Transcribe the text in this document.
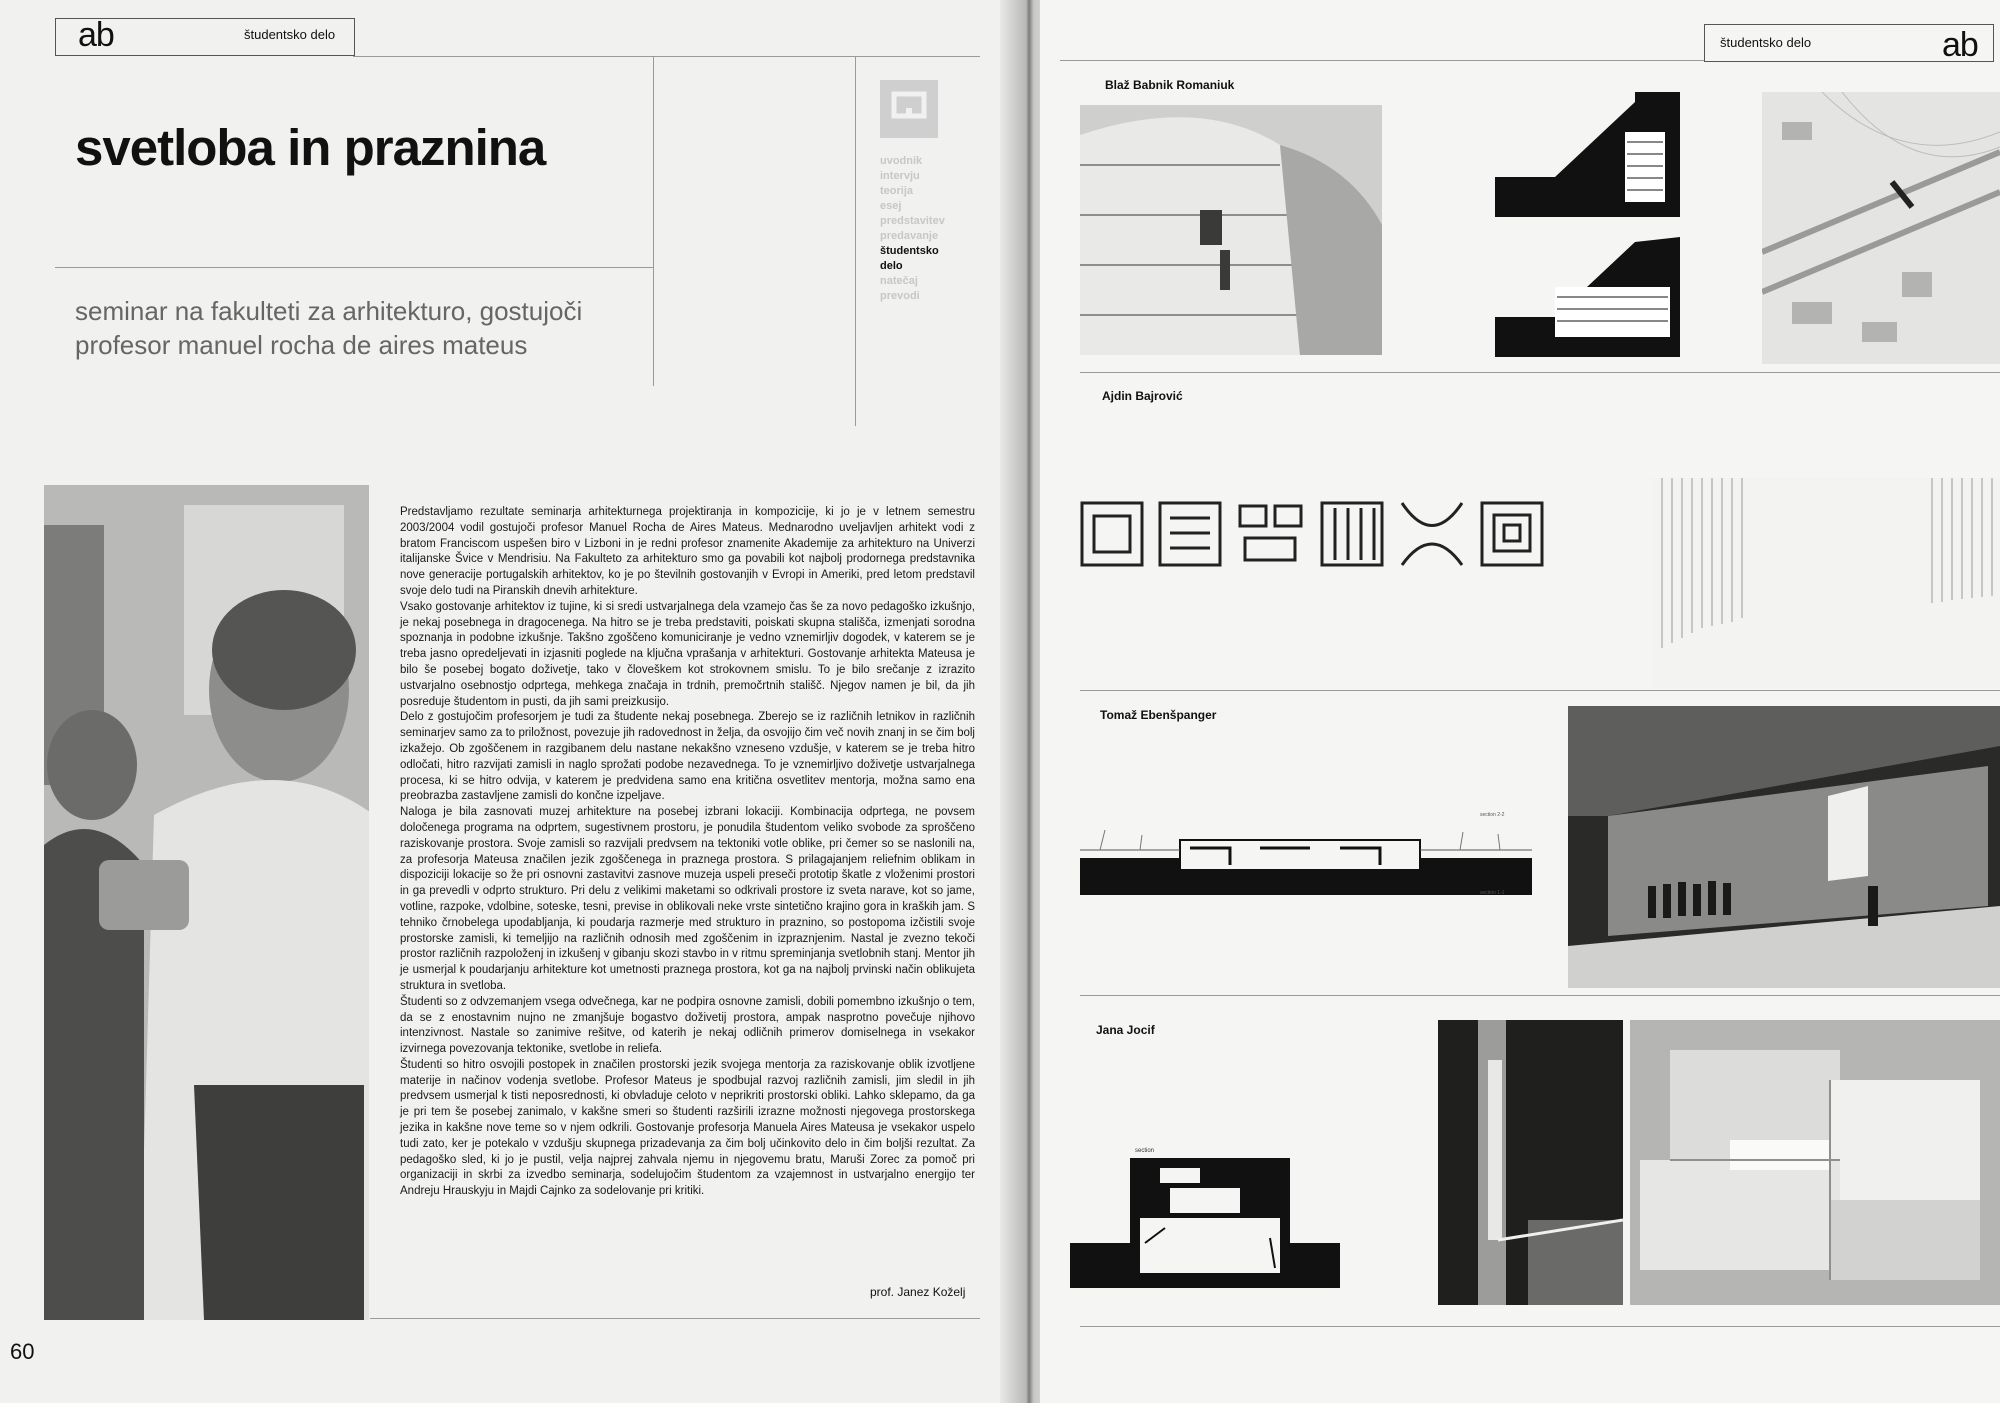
ab	študentsko delo
svetloba in praznina
seminar na fakulteti za arhitekturo, gostujoči
profesor manuel rocha de aires mateus
uvodnik
intervju
teorija
esej
predstavitev
predavanje
študentsko
delo
natečaj
prevodi

Predstavljamo rezultate seminarja arhitekturnega projektiranja in kompozicije, ki jo je v letnem semestru 2003/2004 vodil gostujoči profesor Manuel Rocha de Aires Mateus. Mednarodno uveljavljen arhitekt vodi z bratom Franciscom uspešen biro v Lizboni in je redni profesor znamenite Akademije za arhitekturo na Univerzi italijanske Švice v Mendrisiu. Na Fakulteto za arhitekturo smo ga povabili kot najbolj prodornega predstavnika nove generacije portugalskih arhitektov, ko je po številnih gostovanjih v Evropi in Ameriki, pred letom predstavil svoje delo tudi na Piranskih dnevih arhitekture.

Vsako gostovanje arhitektov iz tujine, ki si sredi ustvarjalnega dela vzamejo čas še za novo pedagoško izkušnjo, je nekaj posebnega in dragocenega. Na hitro se je treba predstaviti, poiskati skupna stališča, izmenjati sorodna spoznanja in podobne izkušnje. Takšno zgoščeno komuniciranje je vedno vznemirljiv dogodek, v katerem se je treba jasno opredeljevati in izjasniti poglede na ključna vprašanja v arhitekturi. Gostovanje arhitekta Mateusa je bilo še posebej bogato doživetje, tako v človeškem kot strokovnem smislu. To je bilo srečanje z izrazito ustvarjalno osebnostjo odprtega, mehkega značaja in trdnih, premočrtnih stališč. Njegov namen je bil, da jih posreduje študentom in pusti, da jih sami preizkusijo.

Delo z gostujočim profesorjem je tudi za študente nekaj posebnega. Zberejo se iz različnih letnikov in različnih seminarjev samo za to priložnost, povezuje jih radovednost in želja, da osvojijo čim več novih znanj in se čim bolj izkažejo. Ob zgoščenem in razgibanem delu nastane nekakšno vzneseno vzdušje, v katerem se je treba hitro odločati, hitro razvijati zamisli in naglo sprožati podobe nezavednega. To je vznemirljivo doživetje ustvarjalnega procesa, ki se hitro odvija, v katerem je predvidena samo ena kritična osvetlitev mentorja, možna samo ena preobrazba zastavljene zamisli do končne izpeljave.

Naloga je bila zasnovati muzej arhitekture na posebej izbrani lokaciji. Kombinacija odprtega, ne povsem določenega programa na odprtem, sugestivnem prostoru, je ponudila študentom veliko svobode za sproščeno raziskovanje prostora. Svoje zamisli so razvijali predvsem na tektoniki votle oblike, pri čemer so se naslonili na, za profesorja Mateusa značilen jezik zgoščenega in praznega prostora. S prilagajanjem reliefnim oblikam in dispoziciji lokacije so že pri osnovni zastavitvi zasnove muzeja uspeli preseči prototip škatle z vloženimi prostori in ga prevedli v odprto strukturo. Pri delu z velikimi maketami so odkrivali prostore iz sveta narave, kot so jame, votline, razpoke, vdolbine, soteske, tesni, previse in oblikovali neke vrste sintetično krajino gora in kraških jam. S tehniko črnobelega upodabljanja, ki poudarja razmerje med strukturo in praznino, so postopoma izčistili svoje prostorske zamisli, ki temeljijo na različnih odnosih med zgoščenim in izpraznjenim. Nastal je zvezno tekoči prostor različnih razpoloženj in izkušenj v gibanju skozi stavbo in v ritmu spreminjanja svetlobnih stanj. Mentor jih je usmerjal k poudarjanju arhitekture kot umetnosti praznega prostora, kot ga na najbolj prvinski način oblikujeta struktura in svetloba.

Študenti so z odvzemanjem vsega odvečnega, kar ne podpira osnovne zamisli, dobili pomembno izkušnjo o tem, da se z enostavnim nujno ne zmanjšuje bogastvo doživetij prostora, ampak nasprotno povečuje njihovo intenzivnost. Nastale so zanimive rešitve, od katerih je nekaj odličnih primerov domiselnega in vsekakor izvirnega povezovanja tektonike, svetlobe in reliefa.

Študenti so hitro osvojili postopek in značilen prostorski jezik svojega mentorja za raziskovanje oblik izvotljene materije in načinov vodenja svetlobe. Profesor Mateus je spodbujal razvoj različnih zamisli, jim sledil in jih predvsem usmerjal k tisti neposrednosti, ki obvladuje celoto v neprikriti prostorski obliki. Lahko sklepamo, da ga je pri tem še posebej zanimalo, v kakšne smeri so študenti razširili izrazne možnosti njegovega prostorskega jezika in kakšne nove teme so v njem odkrili. Gostovanje profesorja Manuela Aires Mateusa je vsekakor uspelo tudi zato, ker je potekalo v vzdušju skupnega prizadevanja za čim bolj učinkovito delo in čim boljši rezultat. Za pedagoško sled, ki jo je pustil, velja najprej zahvala njemu in njegovemu bratu, Maruši Zorec za pomoč pri organizaciji in skrbi za izvedbo seminarja, sodelujočim študentom za vzajemnost in ustvarjalno energijo ter Andreju Hrauskyju in Majdi Cajnko za sodelovanje pri kritiki.

prof. Janez Koželj
60
študentsko delo	ab
Blaž Babnik Romaniuk
Ajdin Bajrović
Tomaž Ebenšpanger
section 2-2
section 1-1
Jana Jocif
section
